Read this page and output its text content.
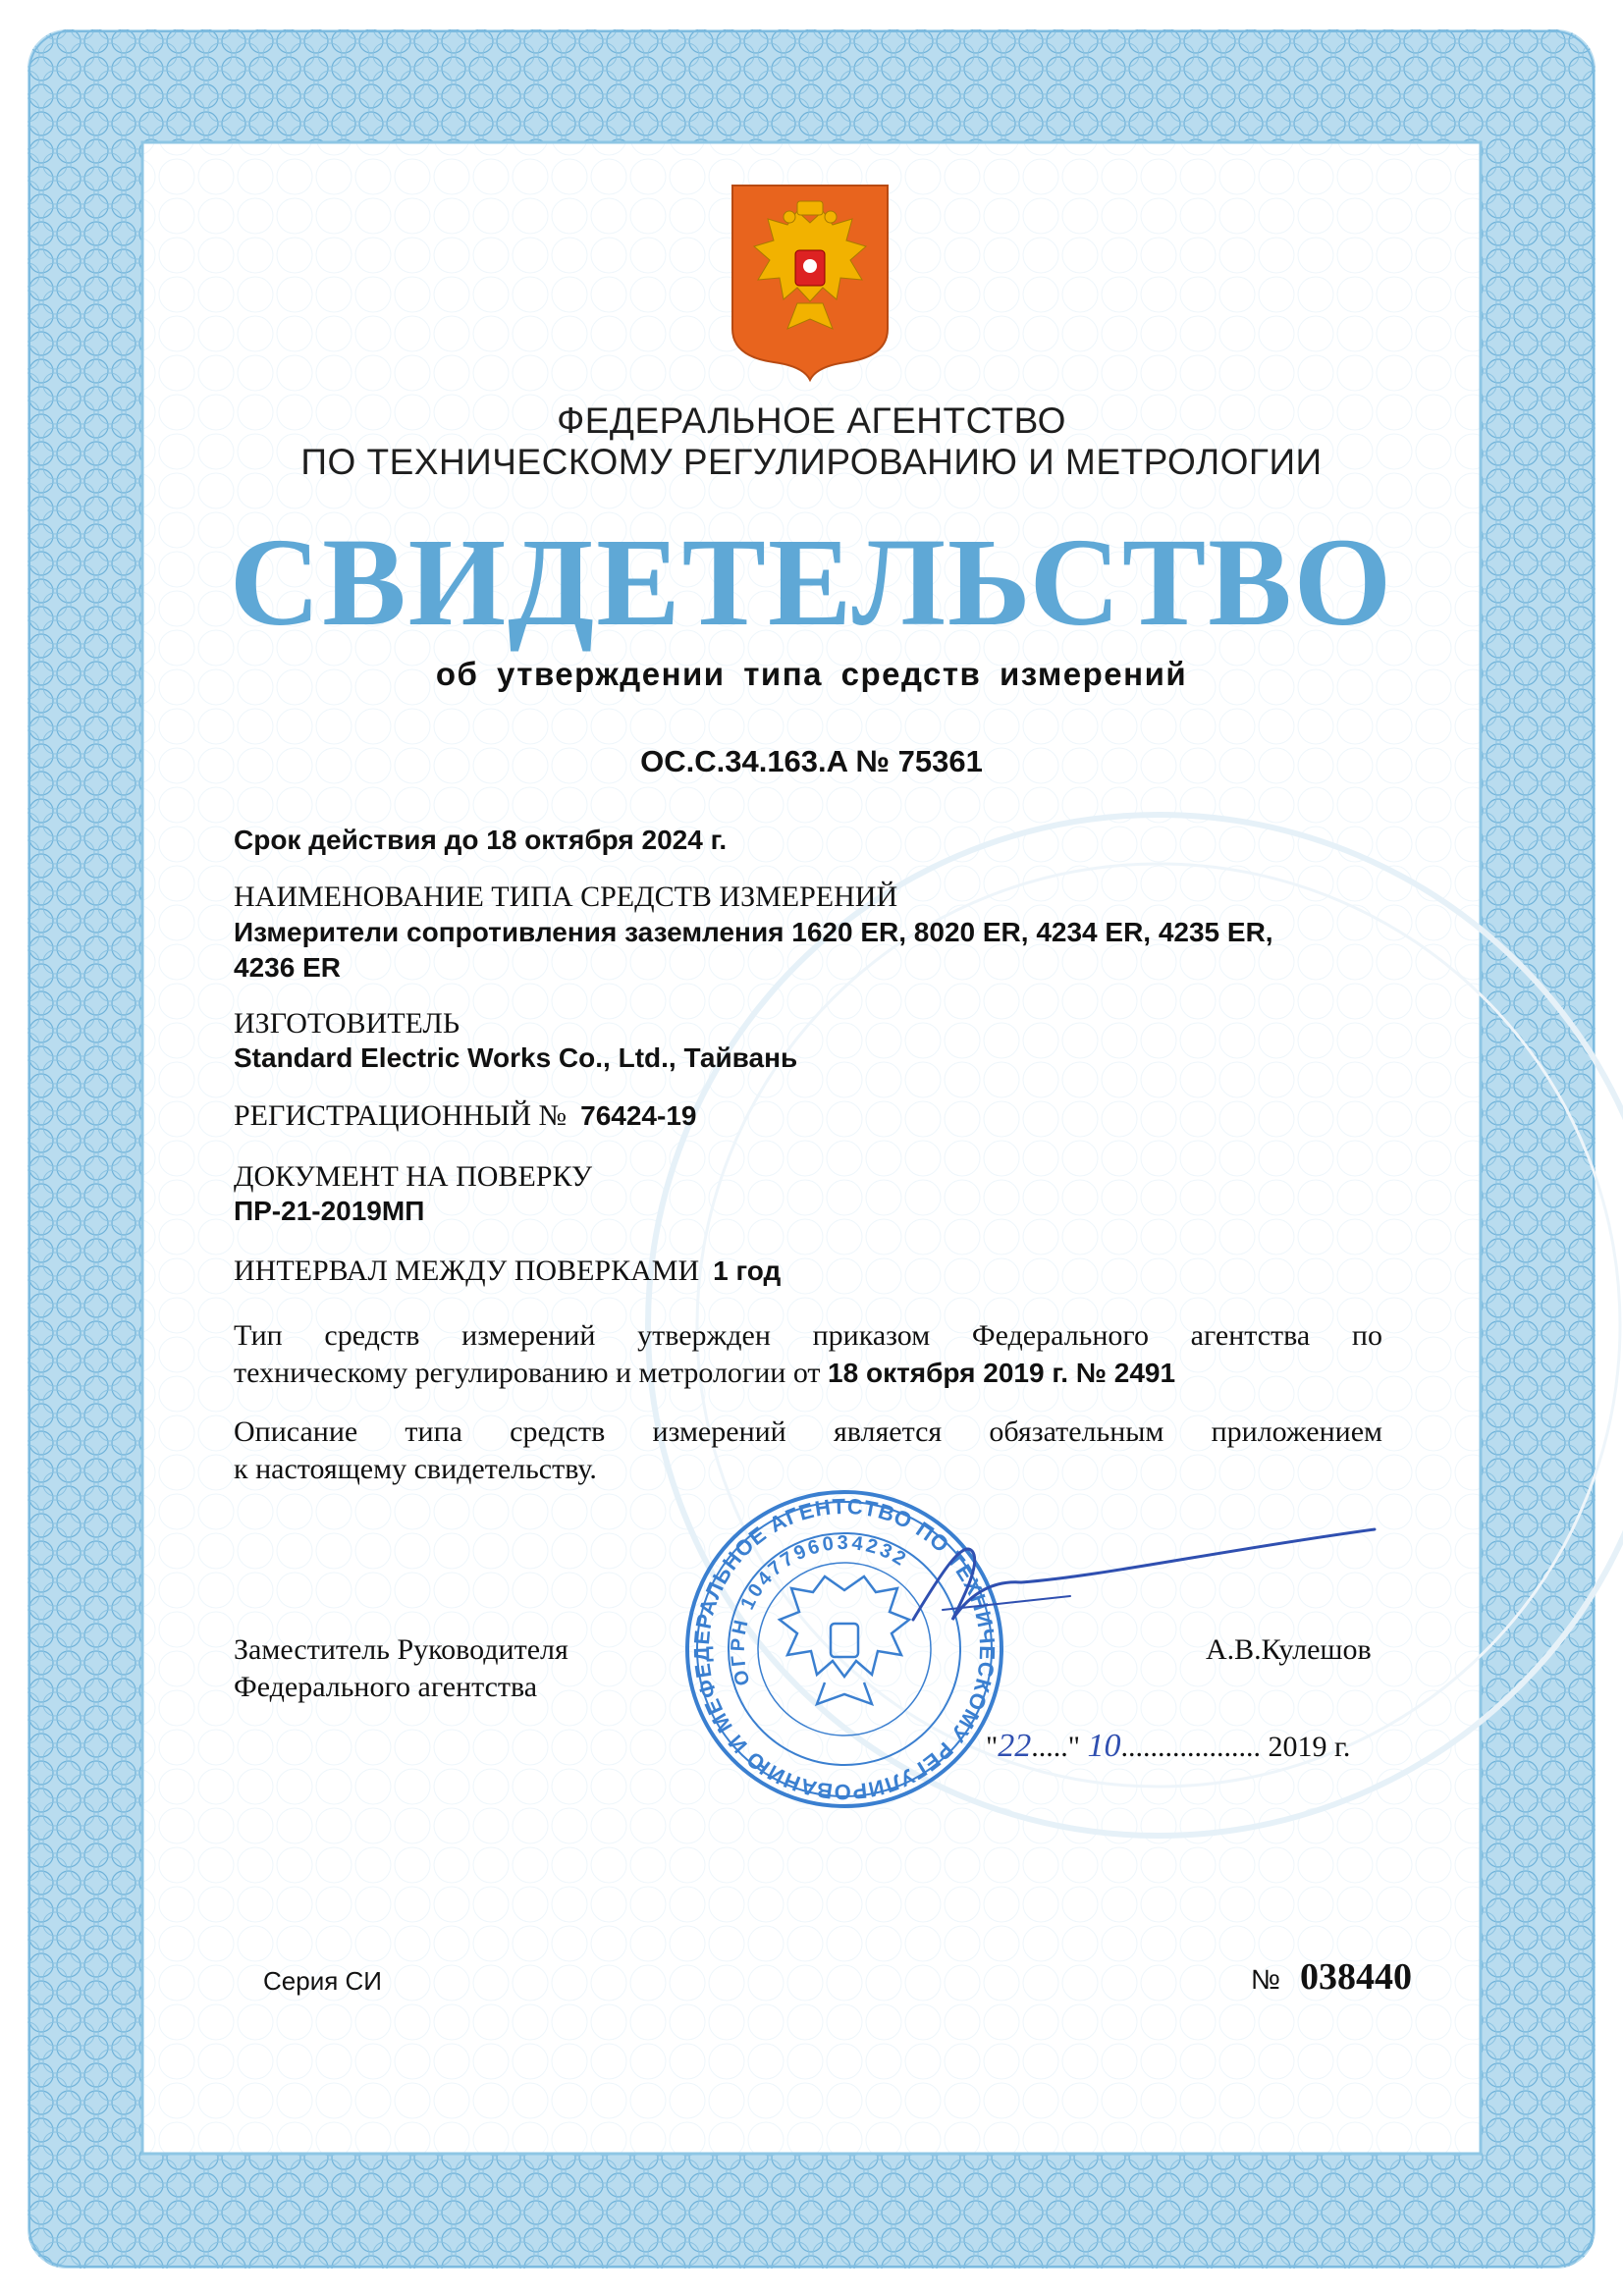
ФЕДЕРАЛЬНОЕ АГЕНТСТВО
ПО ТЕХНИЧЕСКОМУ РЕГУЛИРОВАНИЮ И МЕТРОЛОГИИ
СВИДЕТЕЛЬСТВО
об утверждении типа средств измерений
OC.C.34.163.A № 75361
Срок действия до 18 октября 2024 г.
НАИМЕНОВАНИЕ ТИПА СРЕДСТВ ИЗМЕРЕНИЙ
Измерители сопротивления заземления 1620 ER, 8020 ER, 4234 ER, 4235 ER,
4236 ER
ИЗГОТОВИТЕЛЬ
Standard Electric Works Co., Ltd., Тайвань
РЕГИСТРАЦИОННЫЙ № 76424-19
ДОКУМЕНТ НА ПОВЕРКУ
ПР-21-2019МП
ИНТЕРВАЛ МЕЖДУ ПОВЕРКАМИ 1 год
Тип средств измерений утвержден приказом Федерального агентства по
техническому регулированию и метрологии от 18 октября 2019 г. № 2491
Описание типа средств измерений является обязательным приложением
к настоящему свидетельству.
ФЕДЕРАЛЬНОЕ АГЕНТСТВО ПО ТЕХНИЧЕСКОМУ РЕГУЛИРОВАНИЮ И МЕТРОЛОГИИ
ОГРН 1047796034232
Заместитель Руководителя
Федерального агентства
А.В.Кулешов
"22....." 10................... 2019 г.
Серия СИ	№ 038440
